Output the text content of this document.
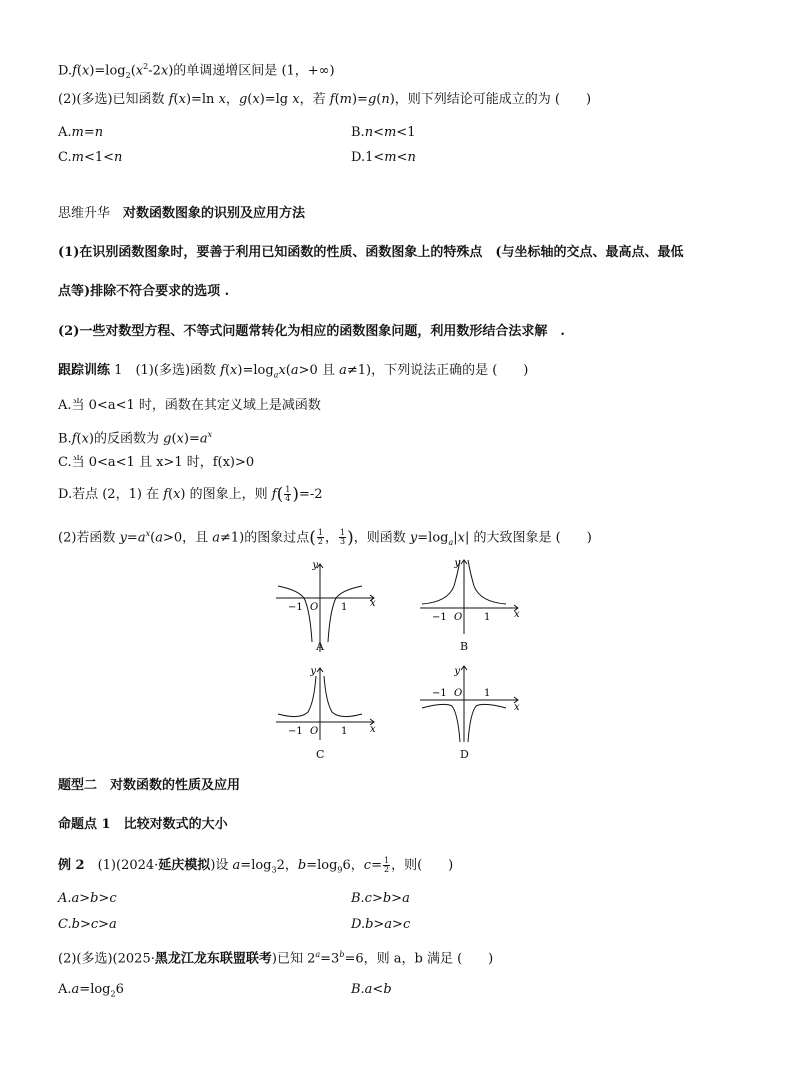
$D.f(x)=\log_2(x^2-2x)$的单调递增区间是 (1，+∞)
(2)(多选)已知函数 f(x)=ln x，g(x)=lg x，若 f(m)=g(n)，则下列结论可能成立的为 (　　)
A.m=n	B.n<m<1
C.m<1<n	D.1<m<n
思维升华　 对数函数图象的识别及应用方法
(1)在识别函数图象时，要善于利用已知函数的性质、函数图象上的特殊点　(与坐标轴的交点、最高点、最低
点等)排除不符合要求的选项 .
(2)一些对数型方程、不等式问题常转化为相应的函数图象问题，利用数形结合法求解　.
跟踪训练 1　 (1)(多选)函数 $f(x)=\log_ax(a>0$ 且 a≠1)，下列说法正确的是 (　　)
A.当 0<a<1 时，函数在其定义域上是减函数
B.f(x)的反函数为 $g(x)=a^x$
C.当 0<a<1 且 x>1 时，f(x)>0
D.若点 (2，1) 在 f(x) 的图象上，则 $f( \frac{1}{4} )=-2$
(2)若函数 $y=a^x(a>0$，且 a≠1)的图象过点( $\frac{1}{2}$ ， $\frac{1}{3}$ )，则函数 $y=\log_a|x|$ 的大致图象是 (　　)
y
x
−1 O 1
A
y
x
−1 O 1
B
y
x
−1 O 1
C
y
x
−1 O 1
D
题型二　对数函数的性质及应用
命题点 1　比较对数式的大小
例 2　 (1)(2024·延庆模拟)设 $a=\log_32$，$b=\log_96$，$c= \frac{1}{2}$ ，则(　　)
A.a>b>c	B.c>b>a
C.b>c>a	D.b>a>c
(2)(多选)(2025·黑龙江龙东联盟联考)已知 $2^a=3^b=6$，则 a，b 满足 (　　)
$A.a=\log_26$	B.a<b
